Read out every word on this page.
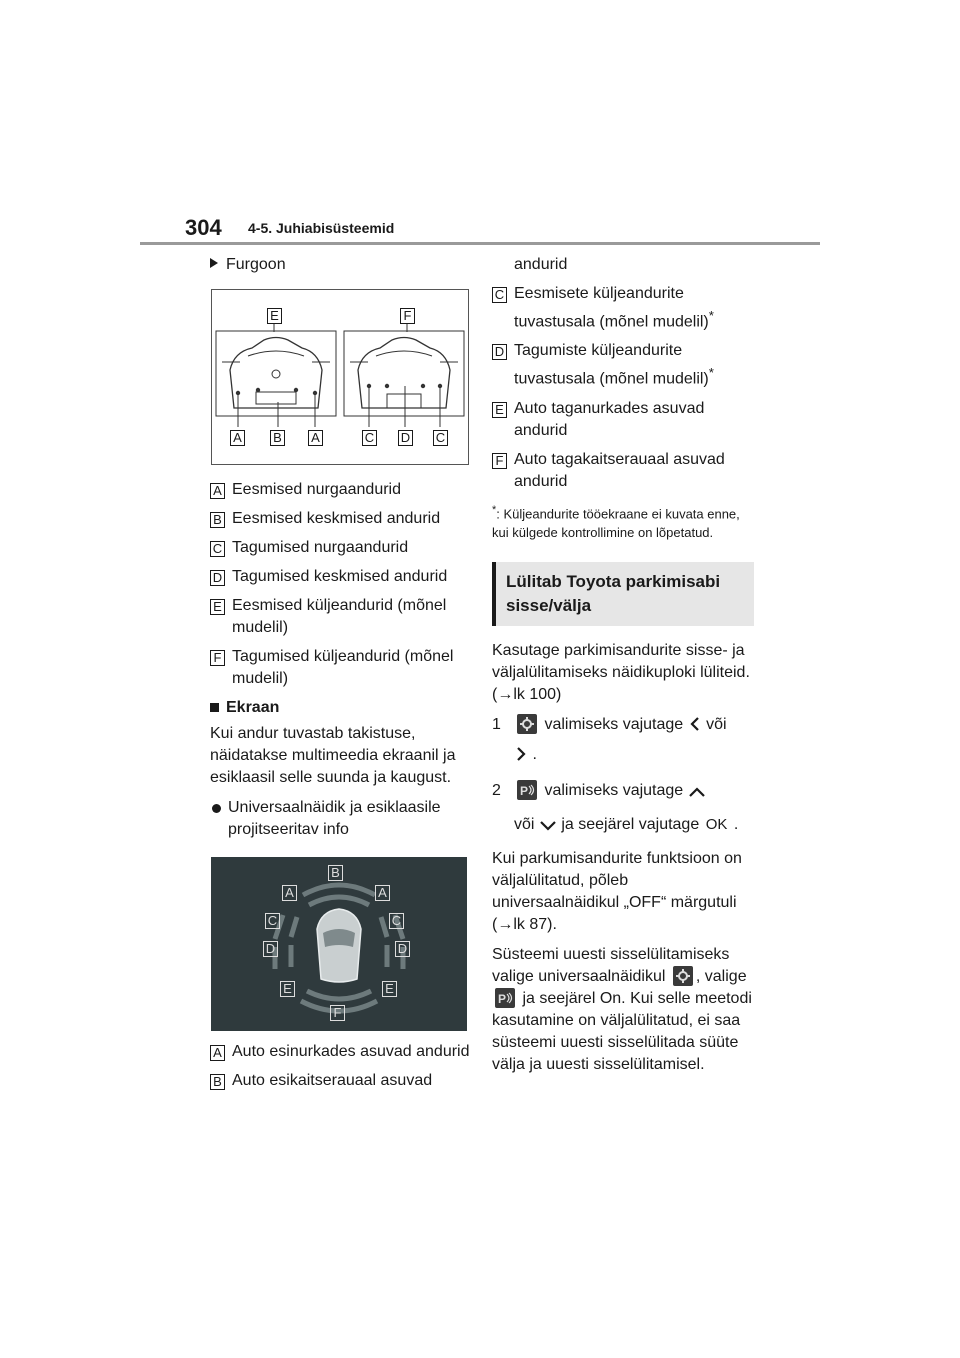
304 4-5. Juhiabisüsteemid
Furgoon
E	F
A B A	C D C
A Eesmised nurgaandurid
B Eesmised keskmised andurid
C Tagumised nurgaandurid
D Tagumised keskmised andurid
E Eesmised küljeandurid (mõnel mudelil)
F Tagumised küljeandurid (mõnel mudelil)
Ekraan

Kui andur tuvastab takistuse, näidatakse multimeedia ekraanil ja esiklaasil selle suunda ja kaugust.

Universaalnäidik ja esiklaasile projitseeritav info
B
A	A
C	C
D	D
E	E
F
A Auto esinurkades asuvad andurid
B Auto esikaitserauaal asuvad
andurid
C Eesmisete küljeandurite tuvastusala (mõnel mudelil)*
D Tagumiste küljeandurite tuvastusala (mõnel mudelil)*
E Auto taganurkades asuvad andurid
F Auto tagakaitserauaal asuvad andurid
*: Küljeandurite tööekraane ei kuvata enne, kui külgede kontrollimine on lõpetatud.
Lülitab Toyota parkimisabi sisse/välja

Kasutage parkimisandurite sisse- ja väljalülitamiseks näidikuploki lüliteid. (→lk 100)

1	valimiseks vajutage või
.
2 P valimiseks vajutage
või ja seejärel vajutage OK .

Kui parkumisandurite funktsioon on väljalülitatud, põleb universaalnäidikul „OFF“ märgutuli (→lk 87).

Süsteemi uuesti sisselülitamiseks valige universaalnäidikul , valige
P ja seejärel On. Kui selle meetodi kasutamine on väljalülitatud, ei saa süsteemi uuesti sisselülitada süüte välja ja uuesti sisselülitamisel.
